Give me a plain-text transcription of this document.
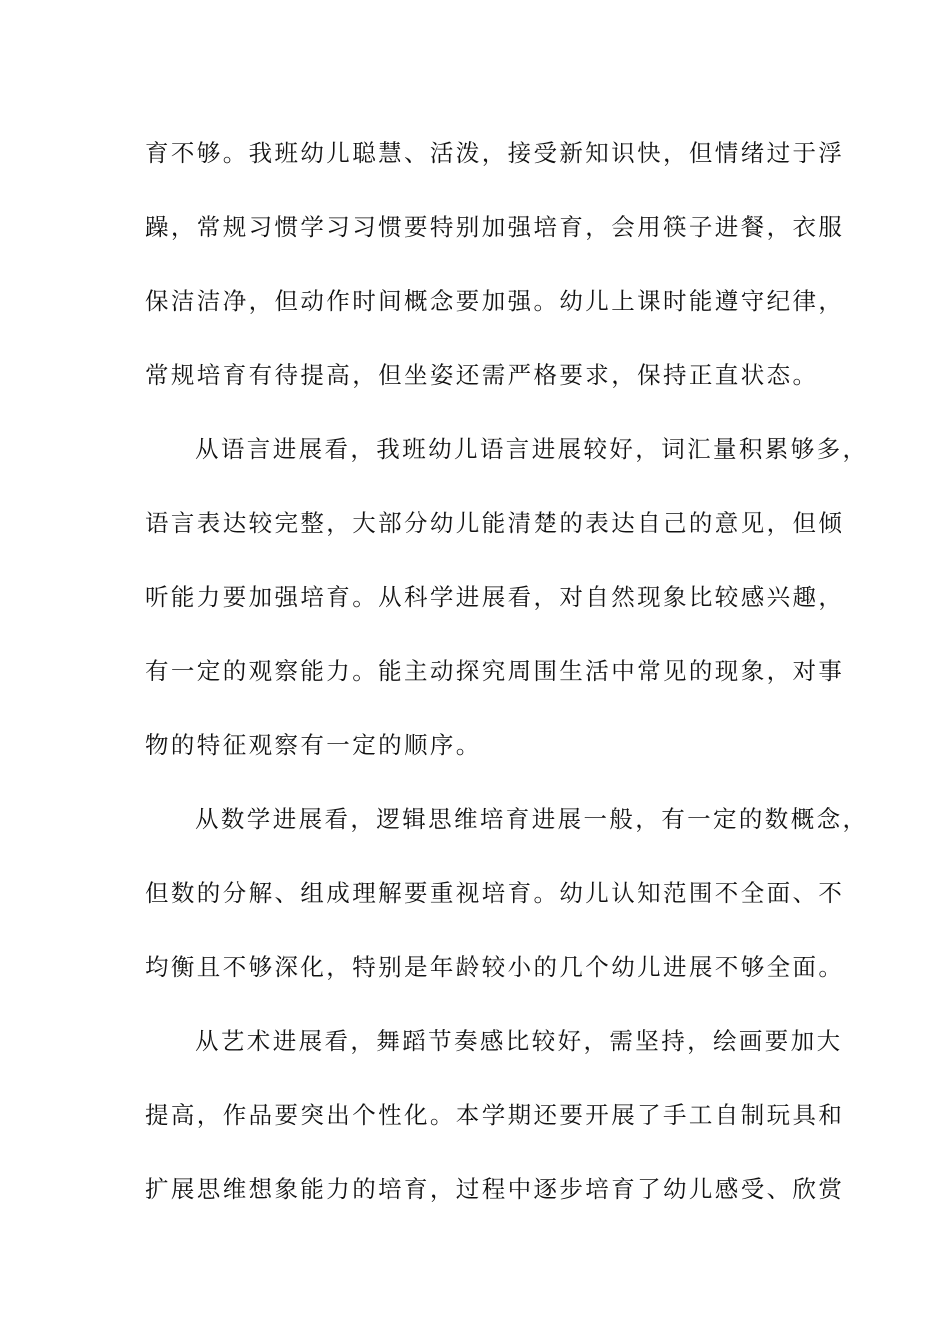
育不够。我班幼儿聪慧、活泼，接受新知识快，但情绪过于浮
躁，常规习惯学习习惯要特别加强培育，会用筷子进餐，衣服
保洁洁净，但动作时间概念要加强。幼儿上课时能遵守纪律，
常规培育有待提高，但坐姿还需严格要求，保持正直状态。
从语言进展看，我班幼儿语言进展较好，词汇量积累够多，
语言表达较完整，大部分幼儿能清楚的表达自己的意见，但倾
听能力要加强培育。从科学进展看，对自然现象比较感兴趣，
有一定的观察能力。能主动探究周围生活中常见的现象，对事
物的特征观察有一定的顺序。
从数学进展看，逻辑思维培育进展一般，有一定的数概念，
但数的分解、组成理解要重视培育。幼儿认知范围不全面、不
均衡且不够深化，特别是年龄较小的几个幼儿进展不够全面。
从艺术进展看，舞蹈节奏感比较好，需坚持，绘画要加大
提高，作品要突出个性化。本学期还要开展了手工自制玩具和
扩展思维想象能力的培育，过程中逐步培育了幼儿感受、欣赏
